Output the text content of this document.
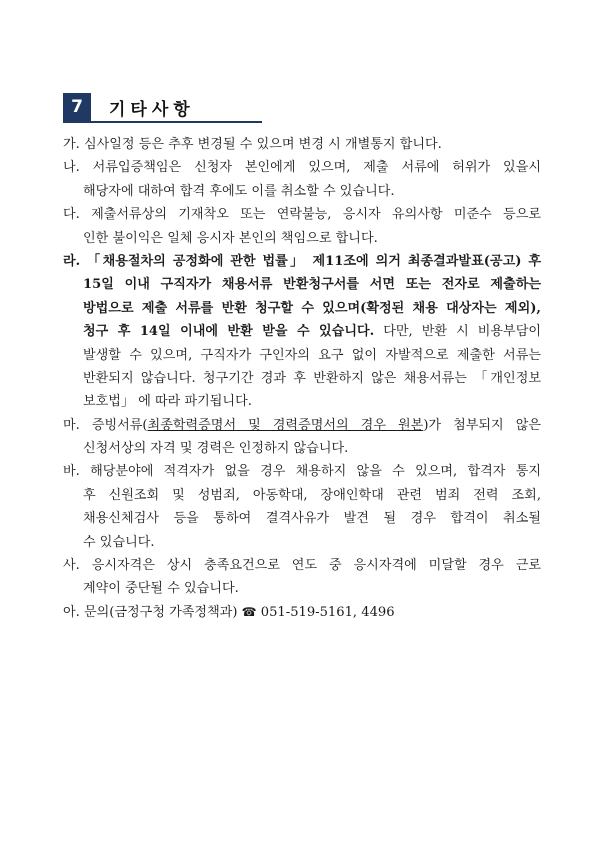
7	기타사항
가. 심사일정 등은 추후 변경될 수 있으며 변경 시 개별통지 합니다.
나. 서류입증책임은 신청자 본인에게 있으며, 제출 서류에 허위가 있을시
해당자에 대하여 합격 후에도 이를 취소할 수 있습니다.
다. 제출서류상의 기재착오 또는 연락불능, 응시자 유의사항 미준수 등으로
인한 불이익은 일체 응시자 본인의 책임으로 합니다.
라. 「채용절차의 공정화에 관한 법률」 제11조에 의거 최종결과발표(공고) 후
15일 이내 구직자가 채용서류 반환청구서를 서면 또는 전자로 제출하는
방법으로 제출 서류를 반환 청구할 수 있으며(확정된 채용 대상자는 제외),
청구 후 14일 이내에 반환 받을 수 있습니다. 다만, 반환 시 비용부담이
발생할 수 있으며, 구직자가 구인자의 요구 없이 자발적으로 제출한 서류는
반환되지 않습니다. 청구기간 경과 후 반환하지 않은 채용서류는 「개인정보
보호법」 에 따라 파기됩니다.
마. 증빙서류(최종학력증명서 및 경력증명서의 경우 원본)가 첨부되지 않은
신청서상의 자격 및 경력은 인정하지 않습니다.
바. 해당분야에 적격자가 없을 경우 채용하지 않을 수 있으며, 합격자 통지
후 신원조회 및 성범죄, 아동학대, 장애인학대 관련 범죄 전력 조회,
채용신체검사 등을 통하여 결격사유가 발견 될 경우 합격이 취소될
수 있습니다.
사. 응시자격은 상시 충족요건으로 연도 중 응시자격에 미달할 경우 근로
계약이 중단될 수 있습니다.
아. 문의(금정구청 가족정책과) ☎ 051-519-5161, 4496
